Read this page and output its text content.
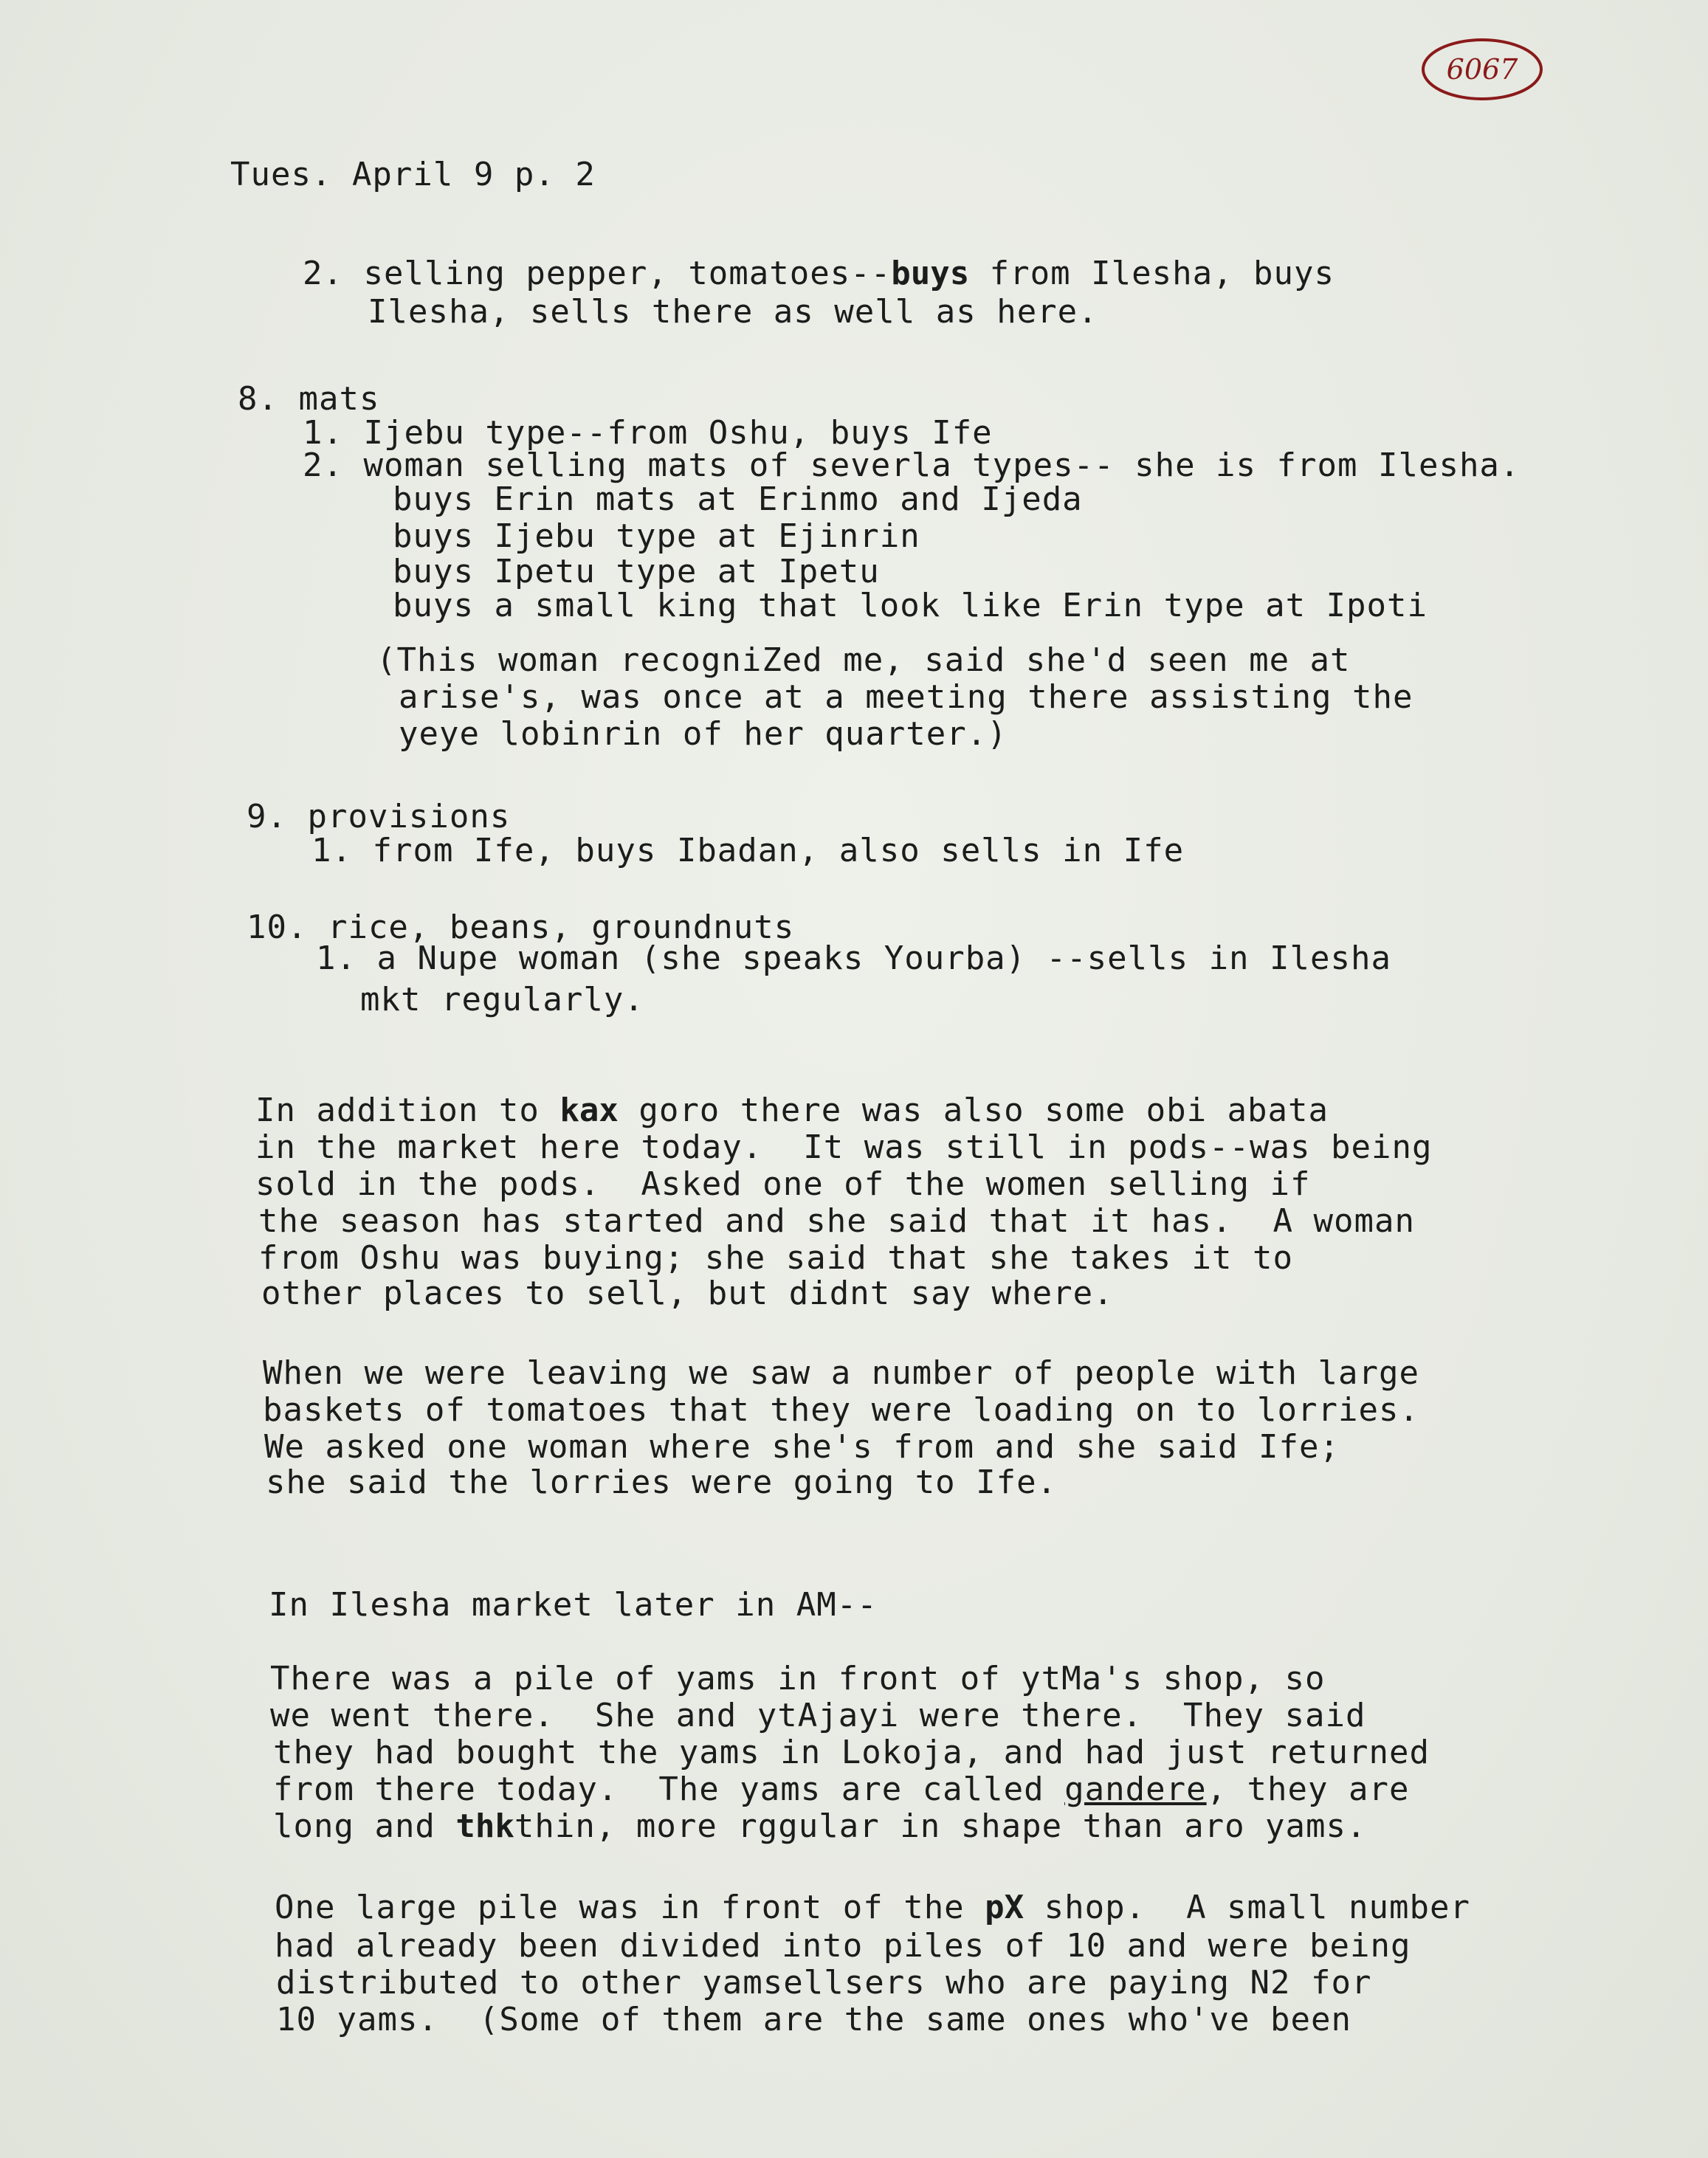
6067
Tues. April 9 p. 2
2. selling pepper, tomatoes--buys from Ilesha, buys
Ilesha, sells there as well as here.
8. mats
1. Ijebu type--from Oshu, buys Ife
2. woman selling mats of severla types-- she is from Ilesha.
buys Erin mats at Erinmo and Ijeda
buys Ijebu type at Ejinrin
buys Ipetu type at Ipetu
buys a small king that look like Erin type at Ipoti
(This woman recogniZed me, said she'd seen me at
arise's, was once at a meeting there assisting the
yeye lobinrin of her quarter.)
9. provisions
1. from Ife, buys Ibadan, also sells in Ife
10. rice, beans, groundnuts
1. a Nupe woman (she speaks Yourba) --sells in Ilesha
mkt regularly.
In addition to kax goro there was also some obi abata
in the market here today.  It was still in pods--was being
sold in the pods.  Asked one of the women selling if
the season has started and she said that it has.  A woman
from Oshu was buying; she said that she takes it to
other places to sell, but didnt say where.
When we were leaving we saw a number of people with large
baskets of tomatoes that they were loading on to lorries.
We asked one woman where she's from and she said Ife;
she said the lorries were going to Ife.
In Ilesha market later in AM--
There was a pile of yams in front of ytMa's shop, so
we went there.  She and ytAjayi were there.  They said
they had bought the yams in Lokoja, and had just returned
from there today.  The yams are called gandere, they are
long and thkthin, more rggular in shape than aro yams.
One large pile was in front of the pX shop.  A small number
had already been divided into piles of 10 and were being
distributed to other yamsellsers who are paying N2 for
10 yams.  (Some of them are the same ones who've been
